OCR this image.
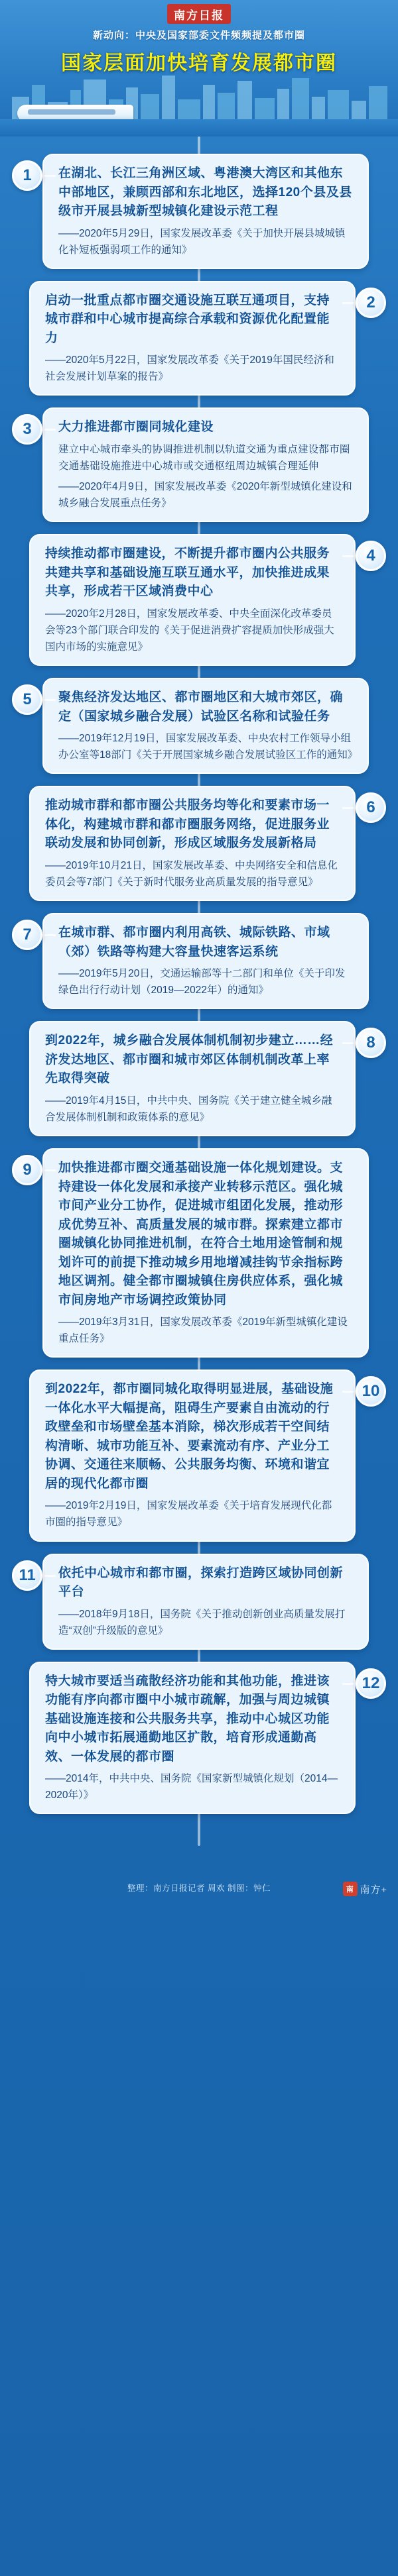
南方日报
新动向：中央及国家部委文件频频提及都市圈
国家层面加快培育发展都市圈
1	在湖北、长江三角洲区域、粤港澳大湾区和其他东中部地区，兼顾西部和东北地区，选择120个县及县级市开展县城新型城镇化建设示范工程

——2020年5月29日，国家发展改革委《关于加快开展县城城镇化补短板强弱项工作的通知》

2

启动一批重点都市圈交通设施互联互通项目，支持城市群和中心城市提高综合承载和资源优化配置能力

——2020年5月22日，国家发展改革委《关于2019年国民经济和社会发展计划草案的报告》

3	大力推进都市圈同城化建设

建立中心城市牵头的协调推进机制以轨道交通为重点建设都市圈交通基础设施推进中心城市或交通枢纽周边城镇合理延伸

——2020年4月9日，国家发展改革委《2020年新型城镇化建设和城乡融合发展重点任务》

4

持续推动都市圈建设，不断提升都市圈内公共服务共建共享和基础设施互联互通水平，加快推进成果共享，形成若干区域消费中心

——2020年2月28日，国家发展改革委、中央全面深化改革委员会等23个部门联合印发的《关于促进消费扩容提质加快形成强大国内市场的实施意见》

5	聚焦经济发达地区、都市圈地区和大城市郊区，确定（国家城乡融合发展）试验区名称和试验任务

——2019年12月19日，国家发展改革委、中央农村工作领导小组办公室等18部门《关于开展国家城乡融合发展试验区工作的通知》

6

推动城市群和都市圈公共服务均等化和要素市场一体化，构建城市群和都市圈服务网络，促进服务业联动发展和协同创新，形成区域服务发展新格局

——2019年10月21日，国家发展改革委、中央网络安全和信息化委员会等7部门《关于新时代服务业高质量发展的指导意见》

7	在城市群、都市圈内利用高铁、城际铁路、市域（郊）铁路等构建大容量快速客运系统

——2019年5月20日，交通运输部等十二部门和单位《关于印发绿色出行行动计划（2019—2022年）的通知》

8

到2022年，城乡融合发展体制机制初步建立……经济发达地区、都市圈和城市郊区体制机制改革上率先取得突破

——2019年4月15日，中共中央、国务院《关于建立健全城乡融合发展体制机制和政策体系的意见》

9	加快推进都市圈交通基础设施一体化规划建设。支持建设一体化发展和承接产业转移示范区。强化城市间产业分工协作，促进城市组团化发展，推动形成优势互补、高质量发展的城市群。探索建立都市圈城镇化协同推进机制，在符合土地用途管制和规划许可的前提下推动城乡用地增减挂钩节余指标跨地区调剂。健全都市圈城镇住房供应体系，强化城市间房地产市场调控政策协同

——2019年3月31日，国家发展改革委《2019年新型城镇化建设重点任务》

10

到2022年，都市圈同城化取得明显进展，基础设施一体化水平大幅提高，阻碍生产要素自由流动的行政壁垒和市场壁垒基本消除，梯次形成若干空间结构清晰、城市功能互补、要素流动有序、产业分工协调、交通往来顺畅、公共服务均衡、环境和谐宜居的现代化都市圈

——2019年2月19日，国家发展改革委《关于培育发展现代化都市圈的指导意见》

11	依托中心城市和都市圈，探索打造跨区域协同创新平台

——2018年9月18日，国务院《关于推动创新创业高质量发展打造“双创”升级版的意见》

12

特大城市要适当疏散经济功能和其他功能，推进该功能有序向都市圈中小城市疏解，加强与周边城镇基础设施连接和公共服务共享，推动中心城区功能向中小城市拓展通勤地区扩散，培育形成通勤高效、一体发展的都市圈

——2014年，中共中央、国务院《国家新型城镇化规划（2014—2020年）》

整理：南方日报记者 周欢 制图：钟仁	南 南方+
